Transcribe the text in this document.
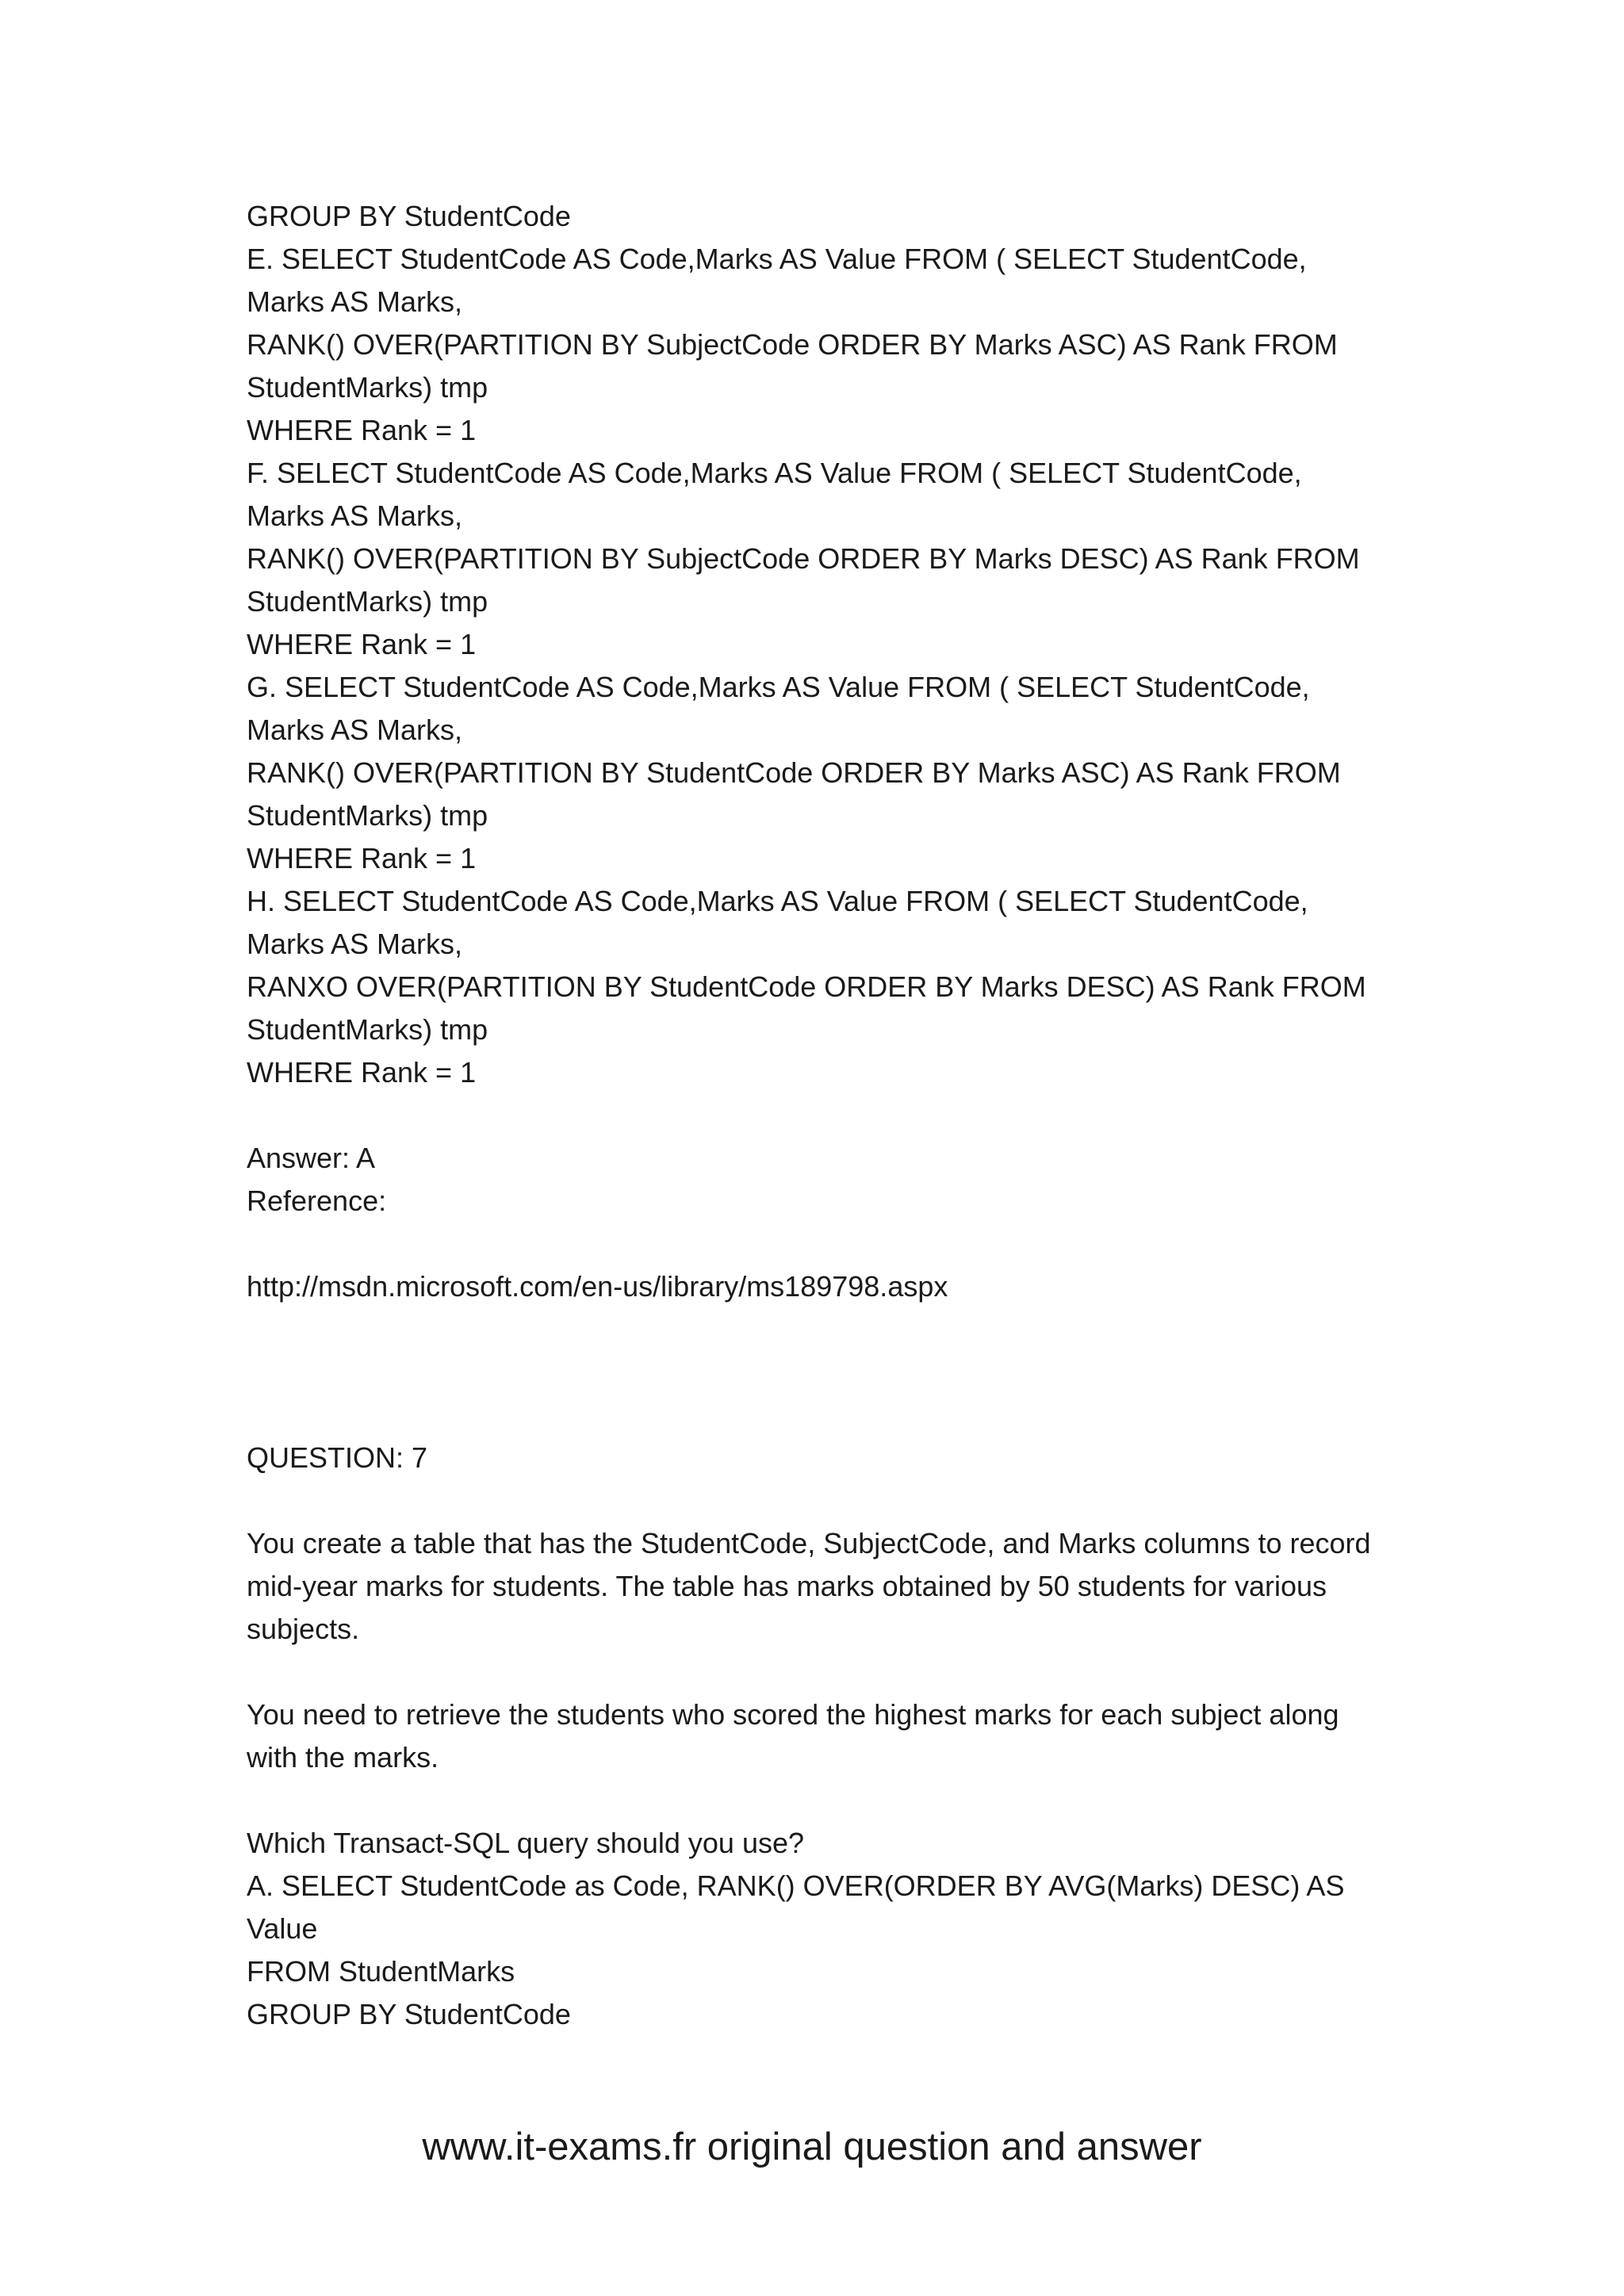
GROUP BY StudentCode
E. SELECT StudentCode AS Code,Marks AS Value FROM ( SELECT StudentCode,
Marks AS Marks,
RANK() OVER(PARTITION BY SubjectCode ORDER BY Marks ASC) AS Rank FROM
StudentMarks) tmp
WHERE Rank = 1
F. SELECT StudentCode AS Code,Marks AS Value FROM ( SELECT StudentCode,
Marks AS Marks,
RANK() OVER(PARTITION BY SubjectCode ORDER BY Marks DESC) AS Rank FROM
StudentMarks) tmp
WHERE Rank = 1
G. SELECT StudentCode AS Code,Marks AS Value FROM ( SELECT StudentCode,
Marks AS Marks,
RANK() OVER(PARTITION BY StudentCode ORDER BY Marks ASC) AS Rank FROM
StudentMarks) tmp
WHERE Rank = 1
H. SELECT StudentCode AS Code,Marks AS Value FROM ( SELECT StudentCode,
Marks AS Marks,
RANXO OVER(PARTITION BY StudentCode ORDER BY Marks DESC) AS Rank FROM
StudentMarks) tmp
WHERE Rank = 1
Answer: A
Reference:
http://msdn.microsoft.com/en-us/library/ms189798.aspx
QUESTION: 7
You create a table that has the StudentCode, SubjectCode, and Marks columns to record
mid-year marks for students. The table has marks obtained by 50 students for various
subjects.
You need to retrieve the students who scored the highest marks for each subject along
with the marks.
Which Transact-SQL query should you use?
A. SELECT StudentCode as Code, RANK() OVER(ORDER BY AVG(Marks) DESC) AS
Value
FROM StudentMarks
GROUP BY StudentCode
www.it-exams.fr original question and answer
